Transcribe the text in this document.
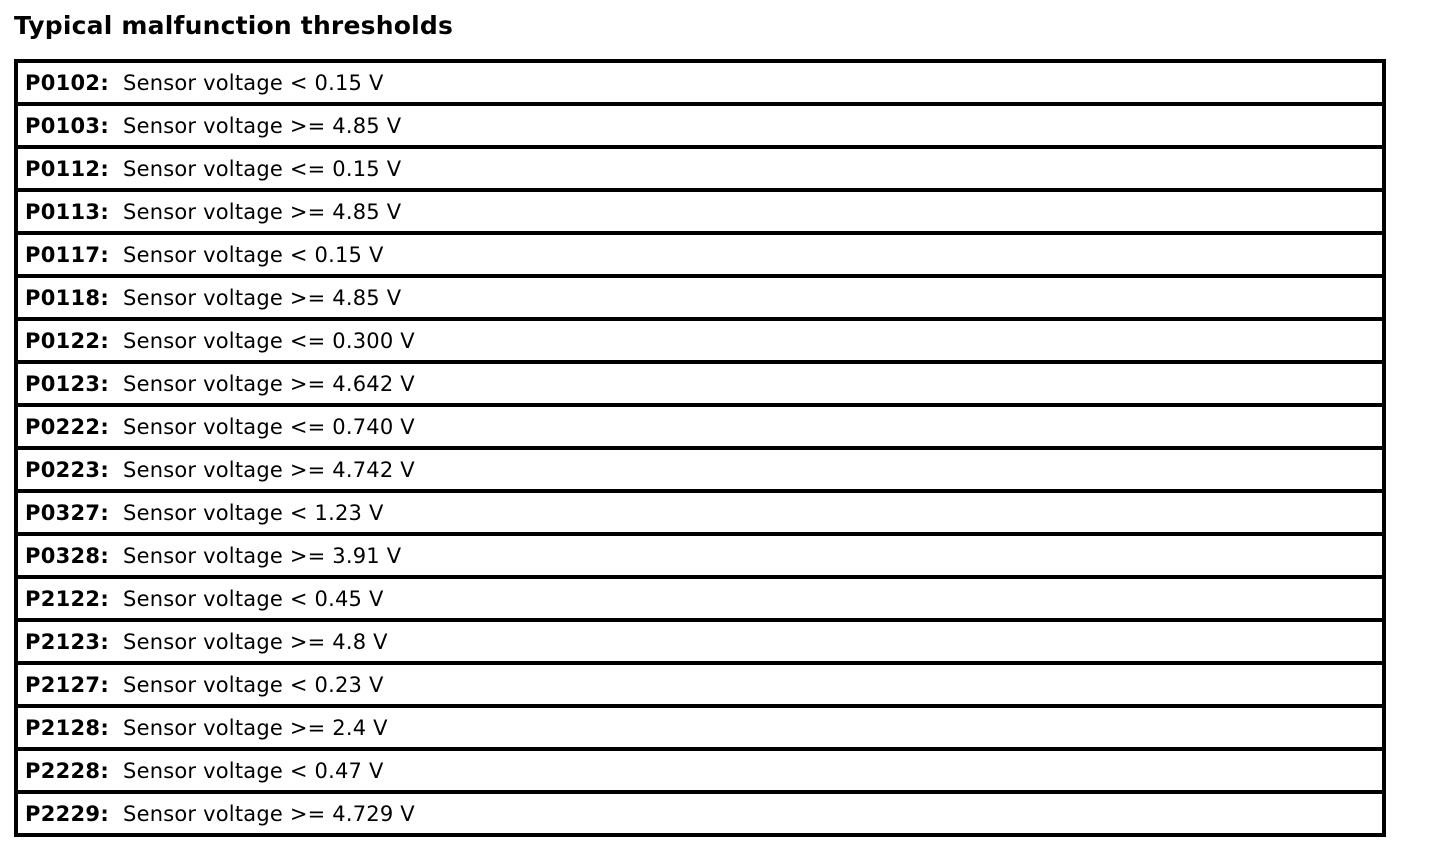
Typical malfunction thresholds
P0102: Sensor voltage < 0.15 V
P0103: Sensor voltage >= 4.85 V
P0112: Sensor voltage <= 0.15 V
P0113: Sensor voltage >= 4.85 V
P0117: Sensor voltage < 0.15 V
P0118: Sensor voltage >= 4.85 V
P0122: Sensor voltage <= 0.300 V
P0123: Sensor voltage >= 4.642 V
P0222: Sensor voltage <= 0.740 V
P0223: Sensor voltage >= 4.742 V
P0327: Sensor voltage < 1.23 V
P0328: Sensor voltage >= 3.91 V
P2122: Sensor voltage < 0.45 V
P2123: Sensor voltage >= 4.8 V
P2127: Sensor voltage < 0.23 V
P2128: Sensor voltage >= 2.4 V
P2228: Sensor voltage < 0.47 V
P2229: Sensor voltage >= 4.729 V
